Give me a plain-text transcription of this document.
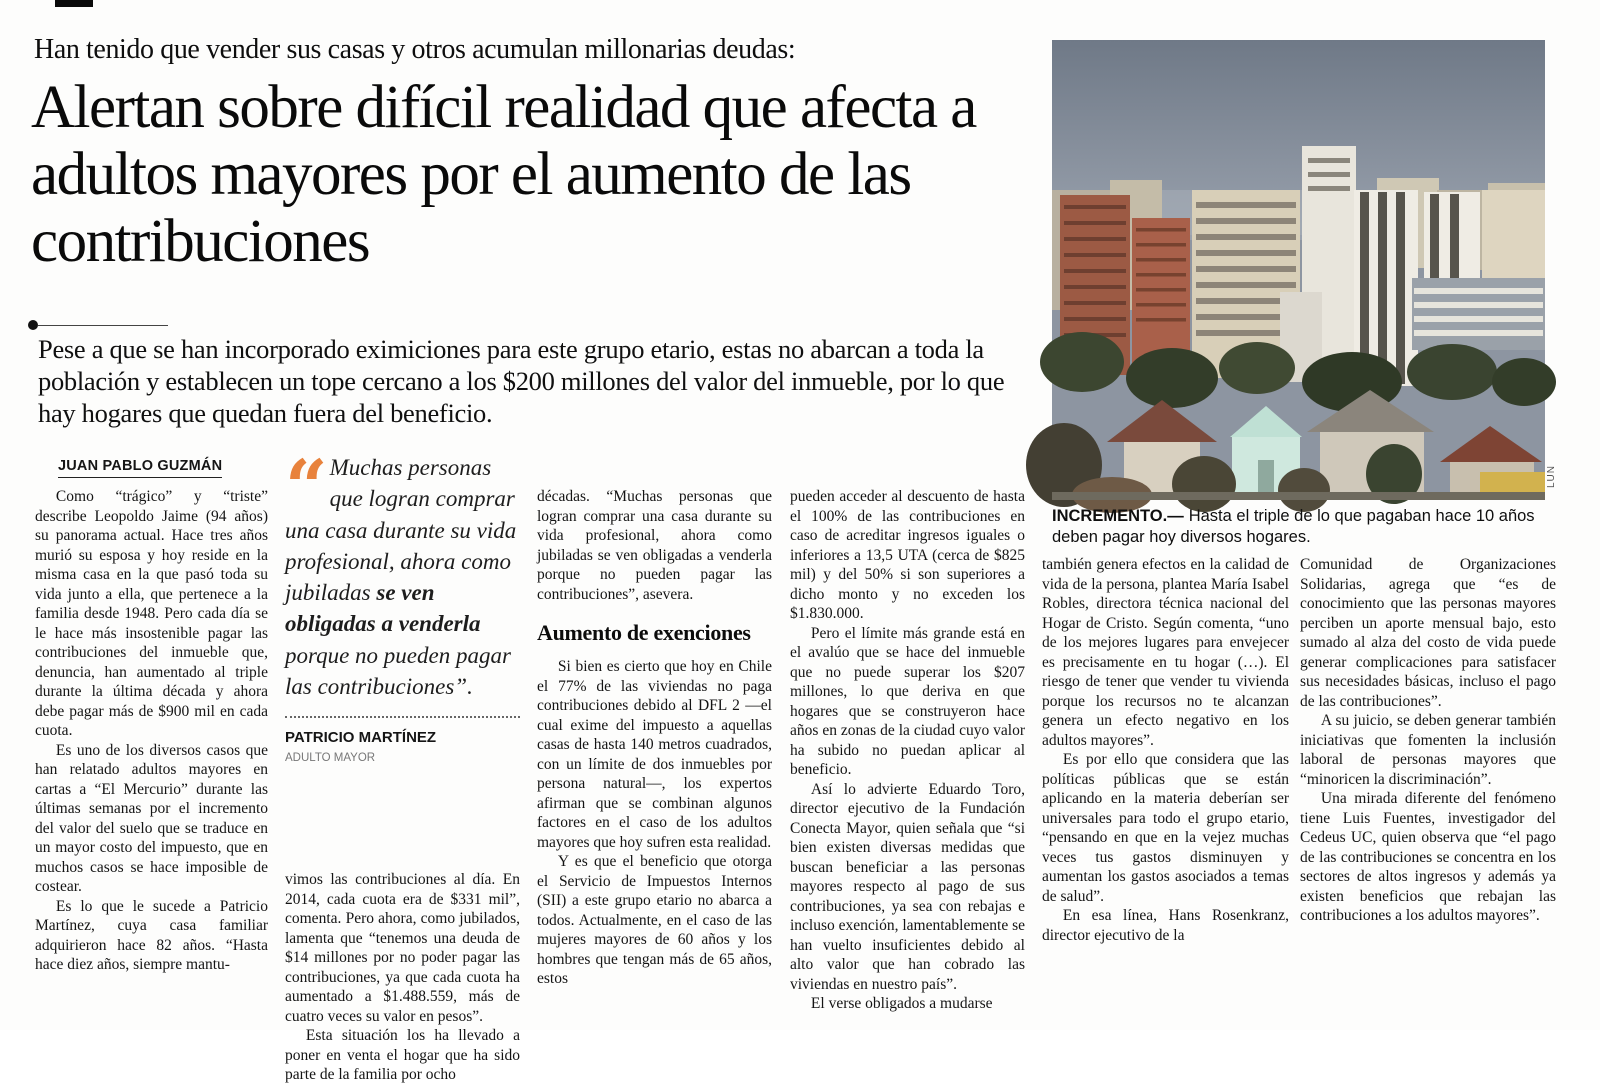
Han tenido que vender sus casas y otros acumulan millonarias deudas:
Alertan sobre difícil realidad que afecta a adultos mayores por el aumento de las contribuciones
Pese a que se han incorporado eximiciones para este grupo etario, estas no abarcan a toda la población y establecen un tope cercano a los $200 millones del valor del inmueble, por lo que hay hogares que quedan fuera del beneficio.
JUAN PABLO GUZMÁN

Como “trágico” y “triste” describe Leopoldo Jaime (94 años) su panorama actual. Hace tres años murió su esposa y hoy reside en la misma casa en la que pasó toda su vida junto a ella, que pertenece a la familia desde 1948. Pero cada día se le hace más insostenible pagar las contribuciones del inmueble que, denuncia, han aumentado al triple durante la última década y ahora debe pagar más de $900 mil en cada cuota.

Es uno de los diversos casos que han relatado adultos mayores en cartas a “El Mercurio” durante las últimas semanas por el incremento del valor del suelo que se traduce en un mayor costo del impuesto, que en muchos casos se hace imposible de costear.

Es lo que le sucede a Patricio Martínez, cuya casa familiar adquirieron hace 82 años. “Hasta hace diez años, siempre mantu-

“ Muchas personas que logran comprar una casa durante su vida profesional, ahora como jubiladas se ven obligadas a venderla porque no pueden pagar las contribuciones”.
PATRICIO MARTÍNEZ
ADULTO MAYOR

vimos las contribuciones al día. En 2014, cada cuota era de $331 mil”, comenta. Pero ahora, como jubilados, lamenta que “tenemos una deuda de $14 millones por no poder pagar las contribuciones, ya que cada cuota ha aumentado a $1.488.559, más de cuatro veces su valor en pesos”.

Esta situación los ha llevado a poner en venta el hogar que ha sido parte de la familia por ocho

décadas. “Muchas personas que logran comprar una casa durante su vida profesional, ahora como jubiladas se ven obligadas a venderla porque no pueden pagar las contribuciones”, asevera.

Aumento de exenciones

Si bien es cierto que hoy en Chile el 77% de las viviendas no paga contribuciones debido al DFL 2 —el cual exime del impuesto a aquellas casas de hasta 140 metros cuadrados, con un límite de dos inmuebles por persona natural—, los expertos afirman que se combinan algunos factores en el caso de los adultos mayores que hoy sufren esta realidad.

Y es que el beneficio que otorga el Servicio de Impuestos Internos (SII) a este grupo etario no abarca a todos. Actualmente, en el caso de las mujeres mayores de 60 años y los hombres que tengan más de 65 años, estos

pueden acceder al descuento de hasta el 100% de las contribuciones en caso de acreditar ingresos iguales o inferiores a 13,5 UTA (cerca de $825 mil) y del 50% si son superiores a dicho monto y no exceden los $1.830.000.

Pero el límite más grande está en el avalúo que se hace del inmueble que no puede superar los $207 millones, lo que deriva en que hogares que se construyeron hace años en zonas de la ciudad cuyo valor ha subido no puedan aplicar al beneficio.

Así lo advierte Eduardo Toro, director ejecutivo de la Fundación Conecta Mayor, quien señala que “si bien existen diversas medidas que buscan beneficiar a las personas mayores respecto al pago de sus contribuciones, ya sea con rebajas e incluso exención, lamentablemente se han vuelto insuficientes debido al alto valor que han cobrado las viviendas en nuestro país”.

El verse obligados a mudarse

también genera efectos en la calidad de vida de la persona, plantea María Isabel Robles, directora técnica nacional del Hogar de Cristo. Según comenta, “uno de los mejores lugares para envejecer es precisamente en tu hogar (…). El riesgo de tener que vender tu vivienda porque los recursos no te alcanzan genera un efecto negativo en los adultos mayores”.

Es por ello que considera que las políticas públicas que se están aplicando en la materia deberían ser universales para todo el grupo etario, “pensando en que en la vejez muchas veces tus gastos disminuyen y aumentan los gastos asociados a temas de salud”.

En esa línea, Hans Rosenkranz, director ejecutivo de la

Comunidad de Organizaciones Solidarias, agrega que “es de conocimiento que las personas mayores perciben un aporte mensual bajo, esto sumado al alza del costo de vida puede generar complicaciones para satisfacer sus necesidades básicas, incluso el pago de las contribuciones”.

A su juicio, se deben generar también iniciativas que fomenten la inclusión laboral de personas mayores que “minoricen la discriminación”.

Una mirada diferente del fenómeno tiene Luis Fuentes, investigador del Cedeus UC, quien observa que “el pago de las contribuciones se concentra en los sectores de altos ingresos y además ya existen beneficios que rebajan las contribuciones a los adultos mayores”.

LUN
INCREMENTO.— Hasta el triple de lo que pagaban hace 10 años deben pagar hoy diversos hogares.
